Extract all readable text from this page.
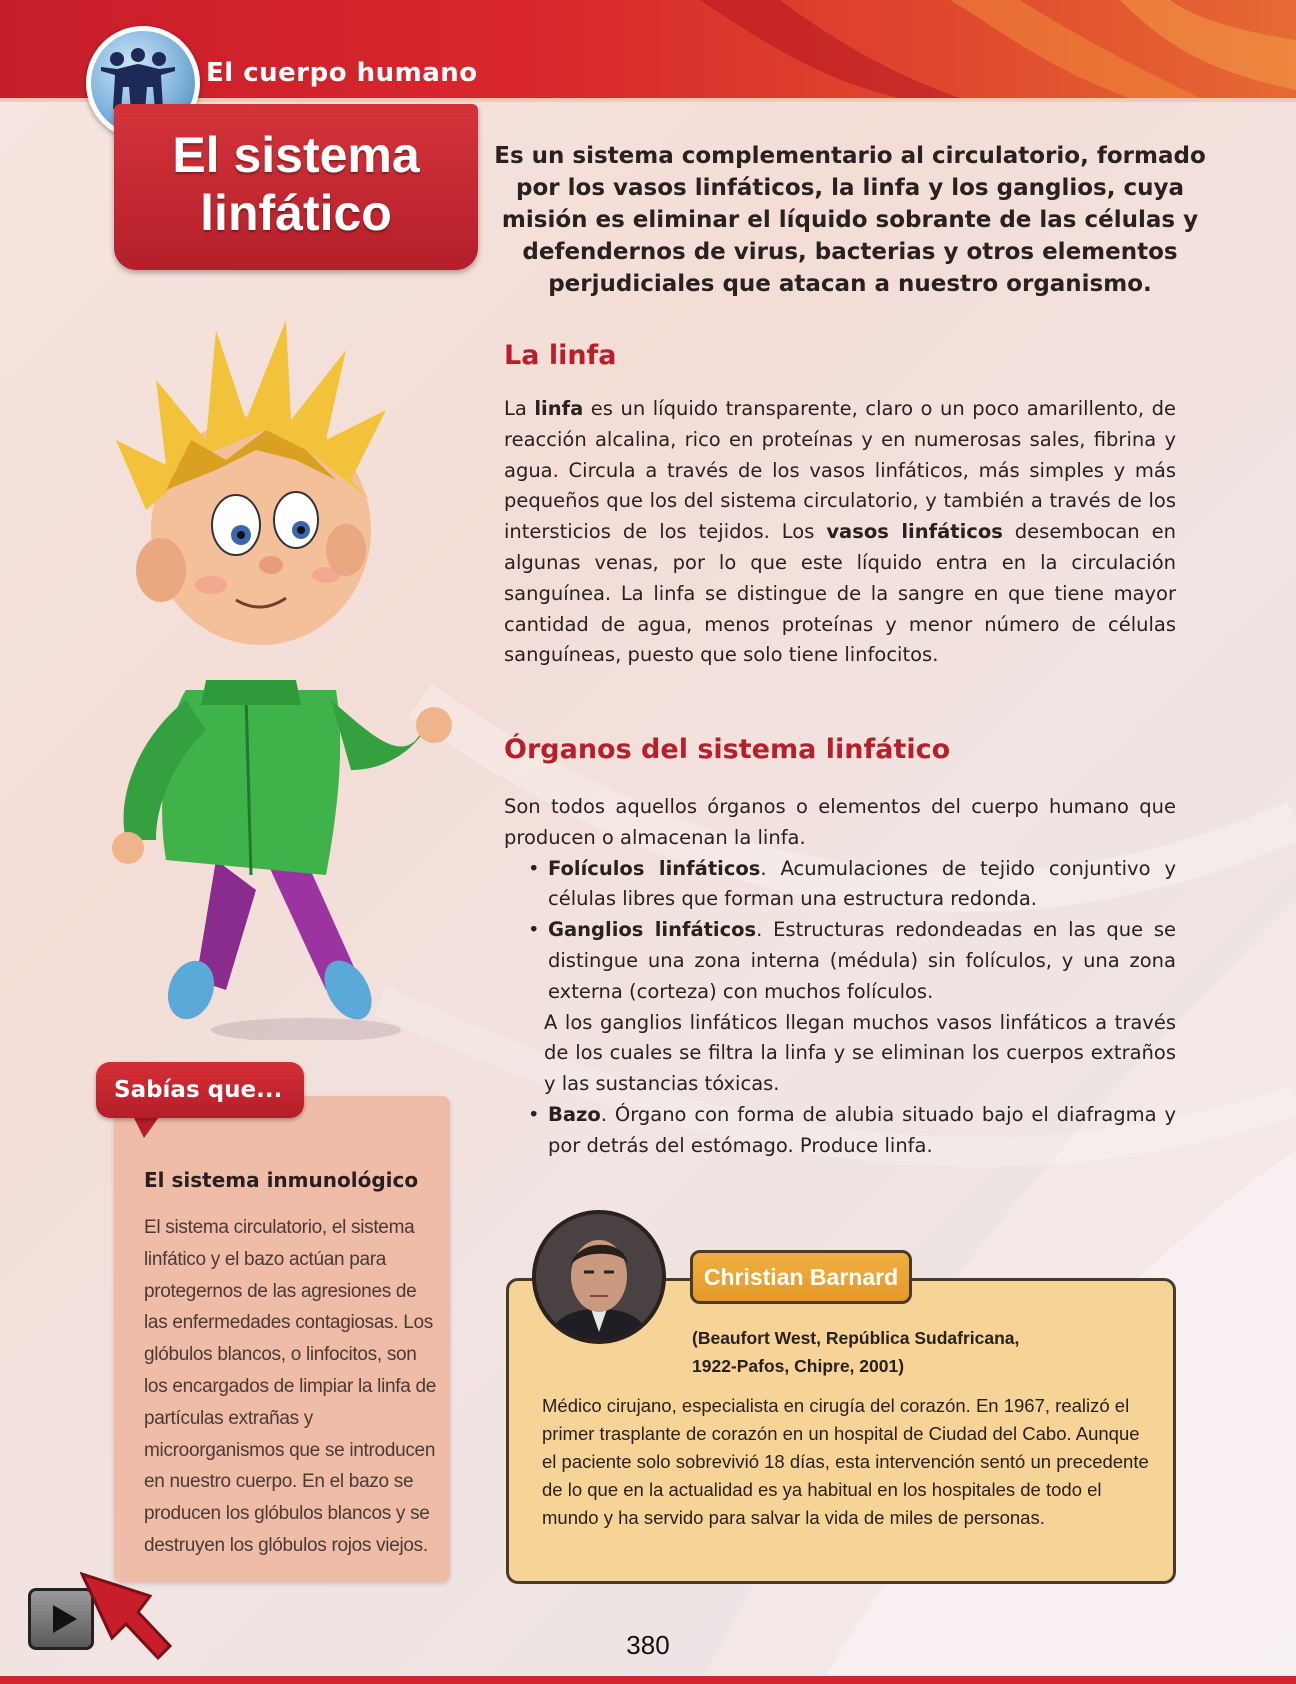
El cuerpo humano
El sistema
linfático
Es un sistema complementario al circulatorio, formado por los vasos linfáticos, la linfa y los ganglios, cuya misión es eliminar el líquido sobrante de las células y defendernos de virus, bacterias y otros elementos perjudiciales que atacan a nuestro organismo.
La linfa
La linfa es un líquido transparente, claro o un poco amarillento, de reacción alcalina, rico en proteínas y en numerosas sales, fibrina y agua. Circula a través de los vasos linfáticos, más simples y más pequeños que los del sistema circulatorio, y también a través de los intersticios de los tejidos. Los vasos linfáticos desembocan en algunas venas, por lo que este líquido entra en la circulación sanguínea. La linfa se distingue de la sangre en que tiene mayor cantidad de agua, menos proteínas y menor número de células sanguíneas, puesto que solo tiene linfocitos.
Órganos del sistema linfático
Son todos aquellos órganos o elementos del cuerpo humano que producen o almacenan la linfa.
• Folículos linfáticos. Acumulaciones de tejido conjuntivo y células libres que forman una estructura redonda.
• Ganglios linfáticos. Estructuras redondeadas en las que se distingue una zona interna (médula) sin folículos, y una zona externa (corteza) con muchos folículos.
A los ganglios linfáticos llegan muchos vasos linfáticos a través de los cuales se filtra la linfa y se eliminan los cuerpos extraños y las sustancias tóxicas.
• Bazo. Órgano con forma de alubia situado bajo el diafragma y por detrás del estómago. Produce linfa.
Sabías que...
El sistema inmunológico
El sistema circulatorio, el sistema linfático y el bazo actúan para protegernos de las agresiones de las enfermedades contagiosas. Los glóbulos blancos, o linfocitos, son los encargados de limpiar la linfa de partículas extrañas y microorganismos que se introducen en nuestro cuerpo. En el bazo se producen los glóbulos blancos y se destruyen los glóbulos rojos viejos.
Christian Barnard
(Beaufort West, República Sudafricana,
1922-Pafos, Chipre, 2001)
Médico cirujano, especialista en cirugía del corazón. En 1967, realizó el primer trasplante de corazón en un hospital de Ciudad del Cabo. Aunque el paciente solo sobrevivió 18 días, esta intervención sentó un precedente de lo que en la actualidad es ya habitual en los hospitales de todo el mundo y ha servido para salvar la vida de miles de personas.
380
